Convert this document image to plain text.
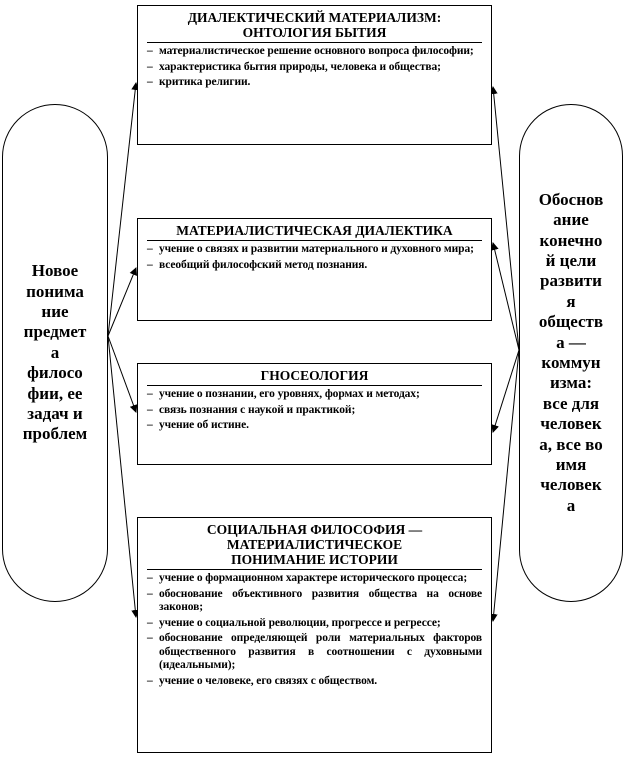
Новое
понима
ние
предмет
а
филосо
фии, ее
задач и
проблем
Обоснов
ание
конечно
й цели
развити
я
обществ
а —
коммун
изма:
все для
человек
а, все во
имя
человек
а
ДИАЛЕКТИЧЕСКИЙ МАТЕРИАЛИЗМ:
ОНТОЛОГИЯ БЫТИЯ
– материалистическое решение основного вопроса философии;
– характеристика бытия природы, человека и общества;
– критика религии.
МАТЕРИАЛИСТИЧЕСКАЯ ДИАЛЕКТИКА
– учение о связях и развитии материального и духовного мира;
– всеобщий философский метод познания.
ГНОСЕОЛОГИЯ
– учение о познании, его уровнях, формах и методах;
– связь познания с наукой и практикой;
– учение об истине.
СОЦИАЛЬНАЯ ФИЛОСОФИЯ —
МАТЕРИАЛИСТИЧЕСКОЕ
ПОНИМАНИЕ ИСТОРИИ
– учение о формационном характере исторического процесса;
– обоснование объективного развития общества на основе законов;
– учение о социальной революции, прогрессе и регрессе;
– обоснование определяющей роли материальных факторов общественного развития в соотношении с духовными (идеальными);
– учение о человеке, его связях с обществом.
